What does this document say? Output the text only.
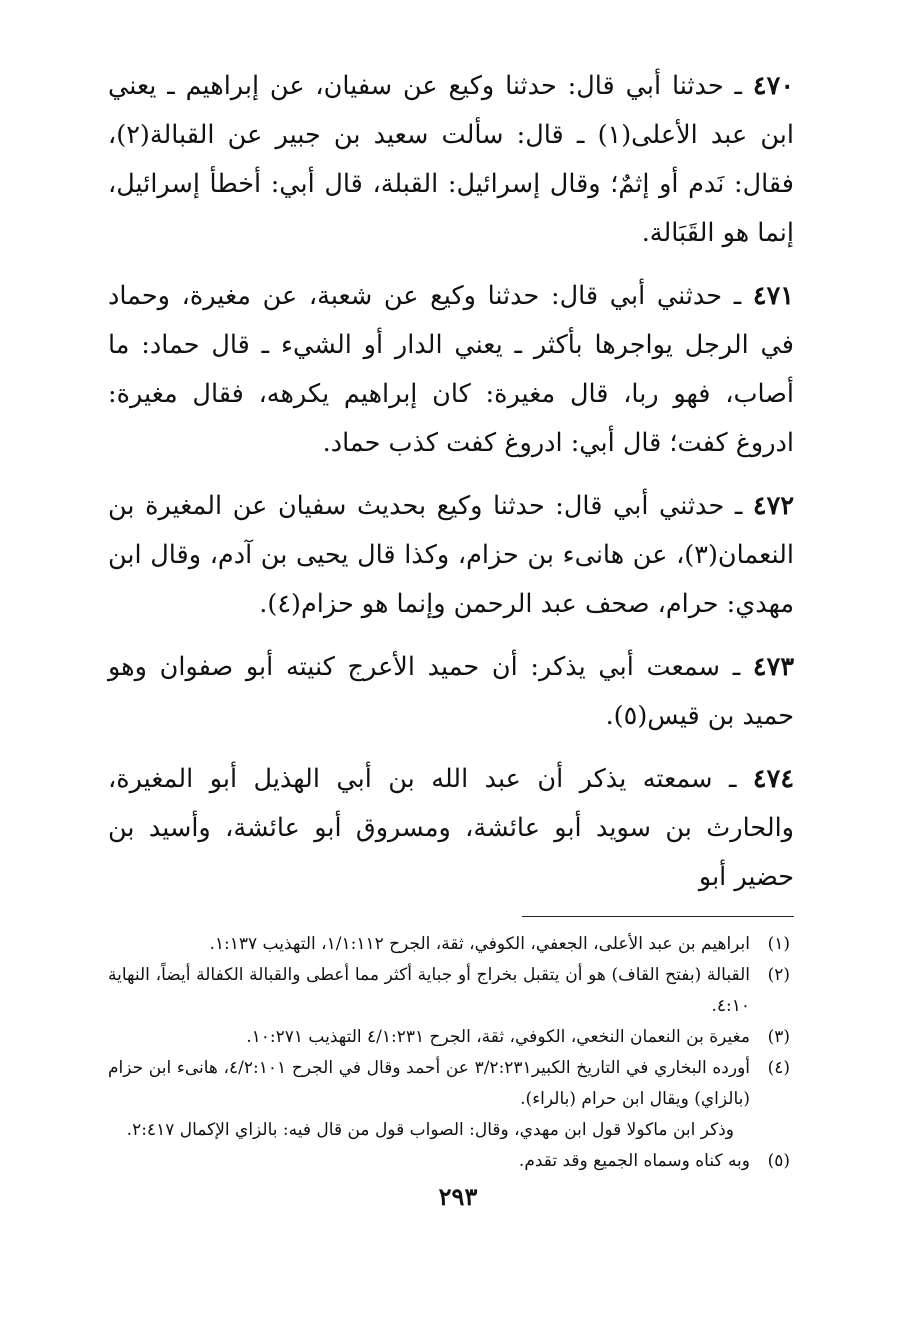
٤٧٠ ـ حدثنا أبي قال: حدثنا وكيع عن سفيان، عن إبراهيم ـ يعني ابن عبد الأعلى(١) ـ قال: سألت سعيد بن جبير عن القبالة(٢)، فقال: نَدم أو إثمٌ؛ وقال إسرائيل: القبلة، قال أبي: أخطأ إسرائيل، إنما هو القَبَالة.

٤٧١ ـ حدثني أبي قال: حدثنا وكيع عن شعبة، عن مغيرة، وحماد في الرجل يواجرها بأكثر ـ يعني الدار أو الشيء ـ قال حماد: ما أصاب، فهو ربا، قال مغيرة: كان إبراهيم يكرهه، فقال مغيرة: ادروغ كفت؛ قال أبي: ادروغ كفت كذب حماد.

٤٧٢ ـ حدثني أبي قال: حدثنا وكيع بحديث سفيان عن المغيرة بن النعمان(٣)، عن هانىء بن حزام، وكذا قال يحيى بن آدم، وقال ابن مهدي: حرام، صحف عبد الرحمن وإنما هو حزام(٤).

٤٧٣ ـ سمعت أبي يذكر: أن حميد الأعرج كنيته أبو صفوان وهو حميد بن قيس(٥).

٤٧٤ ـ سمعته يذكر أن عبد الله بن أبي الهذيل أبو المغيرة، والحارث بن سويد أبو عائشة، ومسروق أبو عائشة، وأسيد بن حضير أبو

(١)
ابراهيم بن عبد الأعلى، الجعفي، الكوفي، ثقة، الجرح ١/١:١١٢، التهذيب ١:١٣٧.
(٢)
القبالة (بفتح القاف) هو أن يتقبل بخراج أو جباية أكثر مما أعطى والقبالة الكفالة أيضاً، النهاية ٤:١٠.
(٣)
مغيرة بن النعمان النخعي، الكوفي، ثقة، الجرح ٤/١:٢٣١ التهذيب ١٠:٢٧١.
(٤)
أورده البخاري في التاريخ الكبير٣/٢:٢٣١ عن أحمد وقال في الجرح ٤/٢:١٠١، هانىء ابن حزام (بالزاي) ويقال ابن حرام (بالراء).
وذكر ابن ماكولا قول ابن مهدي، وقال: الصواب قول من قال فيه: بالزاي الإكمال ٢:٤١٧.
(٥)
وبه كناه وسماه الجميع وقد تقدم.
٢٩٣
